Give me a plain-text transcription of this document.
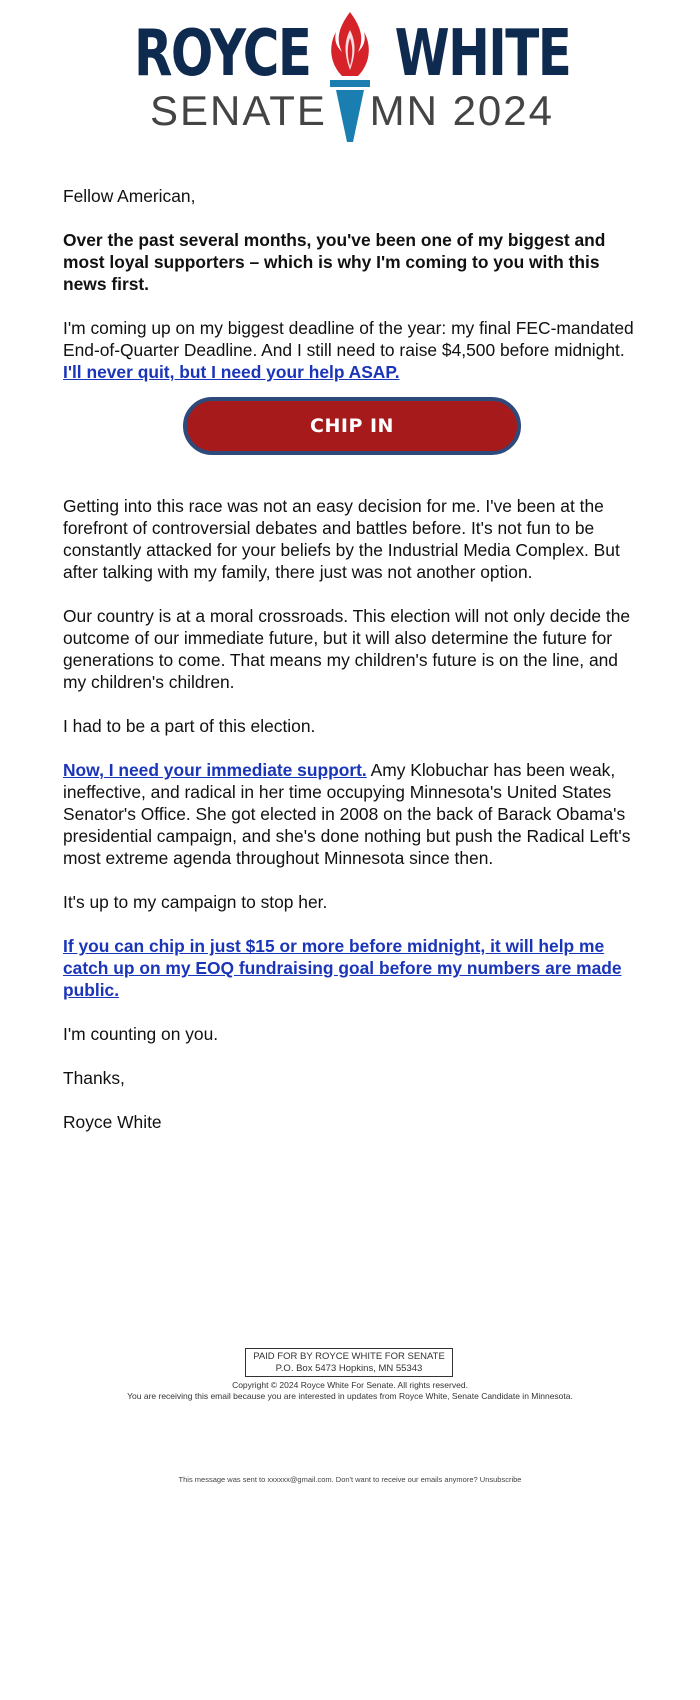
ROYCE WHITE
SENATE MN 2024

Fellow American,

Over the past several months, you've been one of my biggest and most loyal supporters – which is why I'm coming to you with this news first.

I'm coming up on my biggest deadline of the year: my final FEC-mandated End-of-Quarter Deadline. And I still need to raise $4,500 before midnight. I'll never quit, but I need your help ASAP.

CHIP IN

Getting into this race was not an easy decision for me. I've been at the forefront of controversial debates and battles before. It's not fun to be constantly attacked for your beliefs by the Industrial Media Complex. But after talking with my family, there just was not another option.

Our country is at a moral crossroads. This election will not only decide the outcome of our immediate future, but it will also determine the future for generations to come. That means my children's future is on the line, and my children's children.

I had to be a part of this election.

Now, I need your immediate support. Amy Klobuchar has been weak, ineffective, and radical in her time occupying Minnesota's United States Senator's Office. She got elected in 2008 on the back of Barack Obama's presidential campaign, and she's done nothing but push the Radical Left's most extreme agenda throughout Minnesota since then.

It's up to my campaign to stop her.

If you can chip in just $15 or more before midnight, it will help me catch up on my EOQ fundraising goal before my numbers are made public.

I'm counting on you.

Thanks,

Royce White

PAID FOR BY ROYCE WHITE FOR SENATE
P.O. Box 5473 Hopkins, MN 55343
Copyright © 2024 Royce White For Senate. All rights reserved.
You are receiving this email because you are interested in updates from Royce White, Senate Candidate in Minnesota.
This message was sent to xxxxxx@gmail.com. Don't want to receive our emails anymore? Unsubscribe
